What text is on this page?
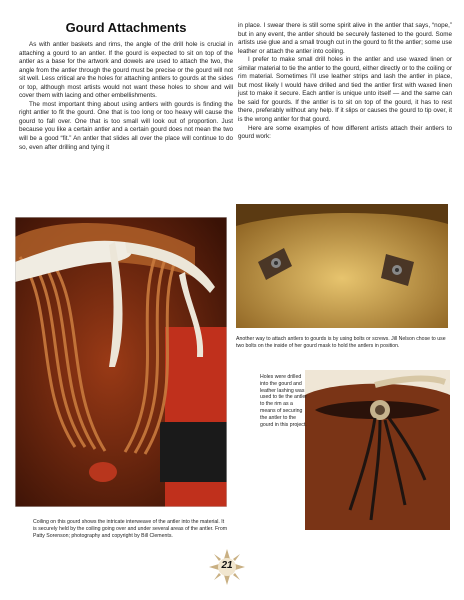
Gourd Attachments

As with antler baskets and rims, the angle of the drill hole is crucial in attaching a gourd to an antler. If the gourd is expected to sit on top of the antler as a base for the artwork and dowels are used to attach the two, the angle from the antler through the gourd must be precise or the gourd will not sit well. Less critical are the holes for attaching antlers to gourds at the sides or top, although most artists would not want these holes to show and will cover them with lacing and other embellishments.

The most important thing about using antlers with gourds is finding the right antler to fit the gourd. One that is too long or too heavy will cause the gourd to fall over. One that is too small will look out of proportion. Just because you like a certain antler and a certain gourd does not mean the two will be a good “fit.” An antler that slides all over the place will continue to do so, even after drilling and tying it

in place. I swear there is still some spirit alive in the antler that says, “nope,” but in any event, the antler should be securely fastened to the gourd. Some artists use glue and a small trough cut in the gourd to fit the antler; some use leather or attach the antler into coiling.

I prefer to make small drill holes in the antler and use waxed linen or similar material to tie the antler to the gourd, either directly or to the coiling or rim material. Sometimes I’ll use leather strips and lash the antler in place, but most likely I would have drilled and tied the antler first with waxed linen just to make it secure. Each antler is unique unto itself — and the same can be said for gourds. If the antler is to sit on top of the gourd, it has to rest there, preferably without any help. If it slips or causes the gourd to tip over, it is the wrong antler for that gourd.

Here are some examples of how different artists attach their antlers to gourd work:

Coiling on this gourd shows the intricate interweave of the antler into the material. It is securely held by the coiling going over and under several areas of the antler. From Patty Sorenson; photography and copyright by Bill Clements.
Another way to attach antlers to gourds is by using bolts or screws. Jill Nelson chose to use two bolts on the inside of her gourd mask to hold the antlers in position.
Holes were drilled into the gourd and leather lashing was used to tie the antler to the rim as a means of securing the antler to the gourd in this project.
21
